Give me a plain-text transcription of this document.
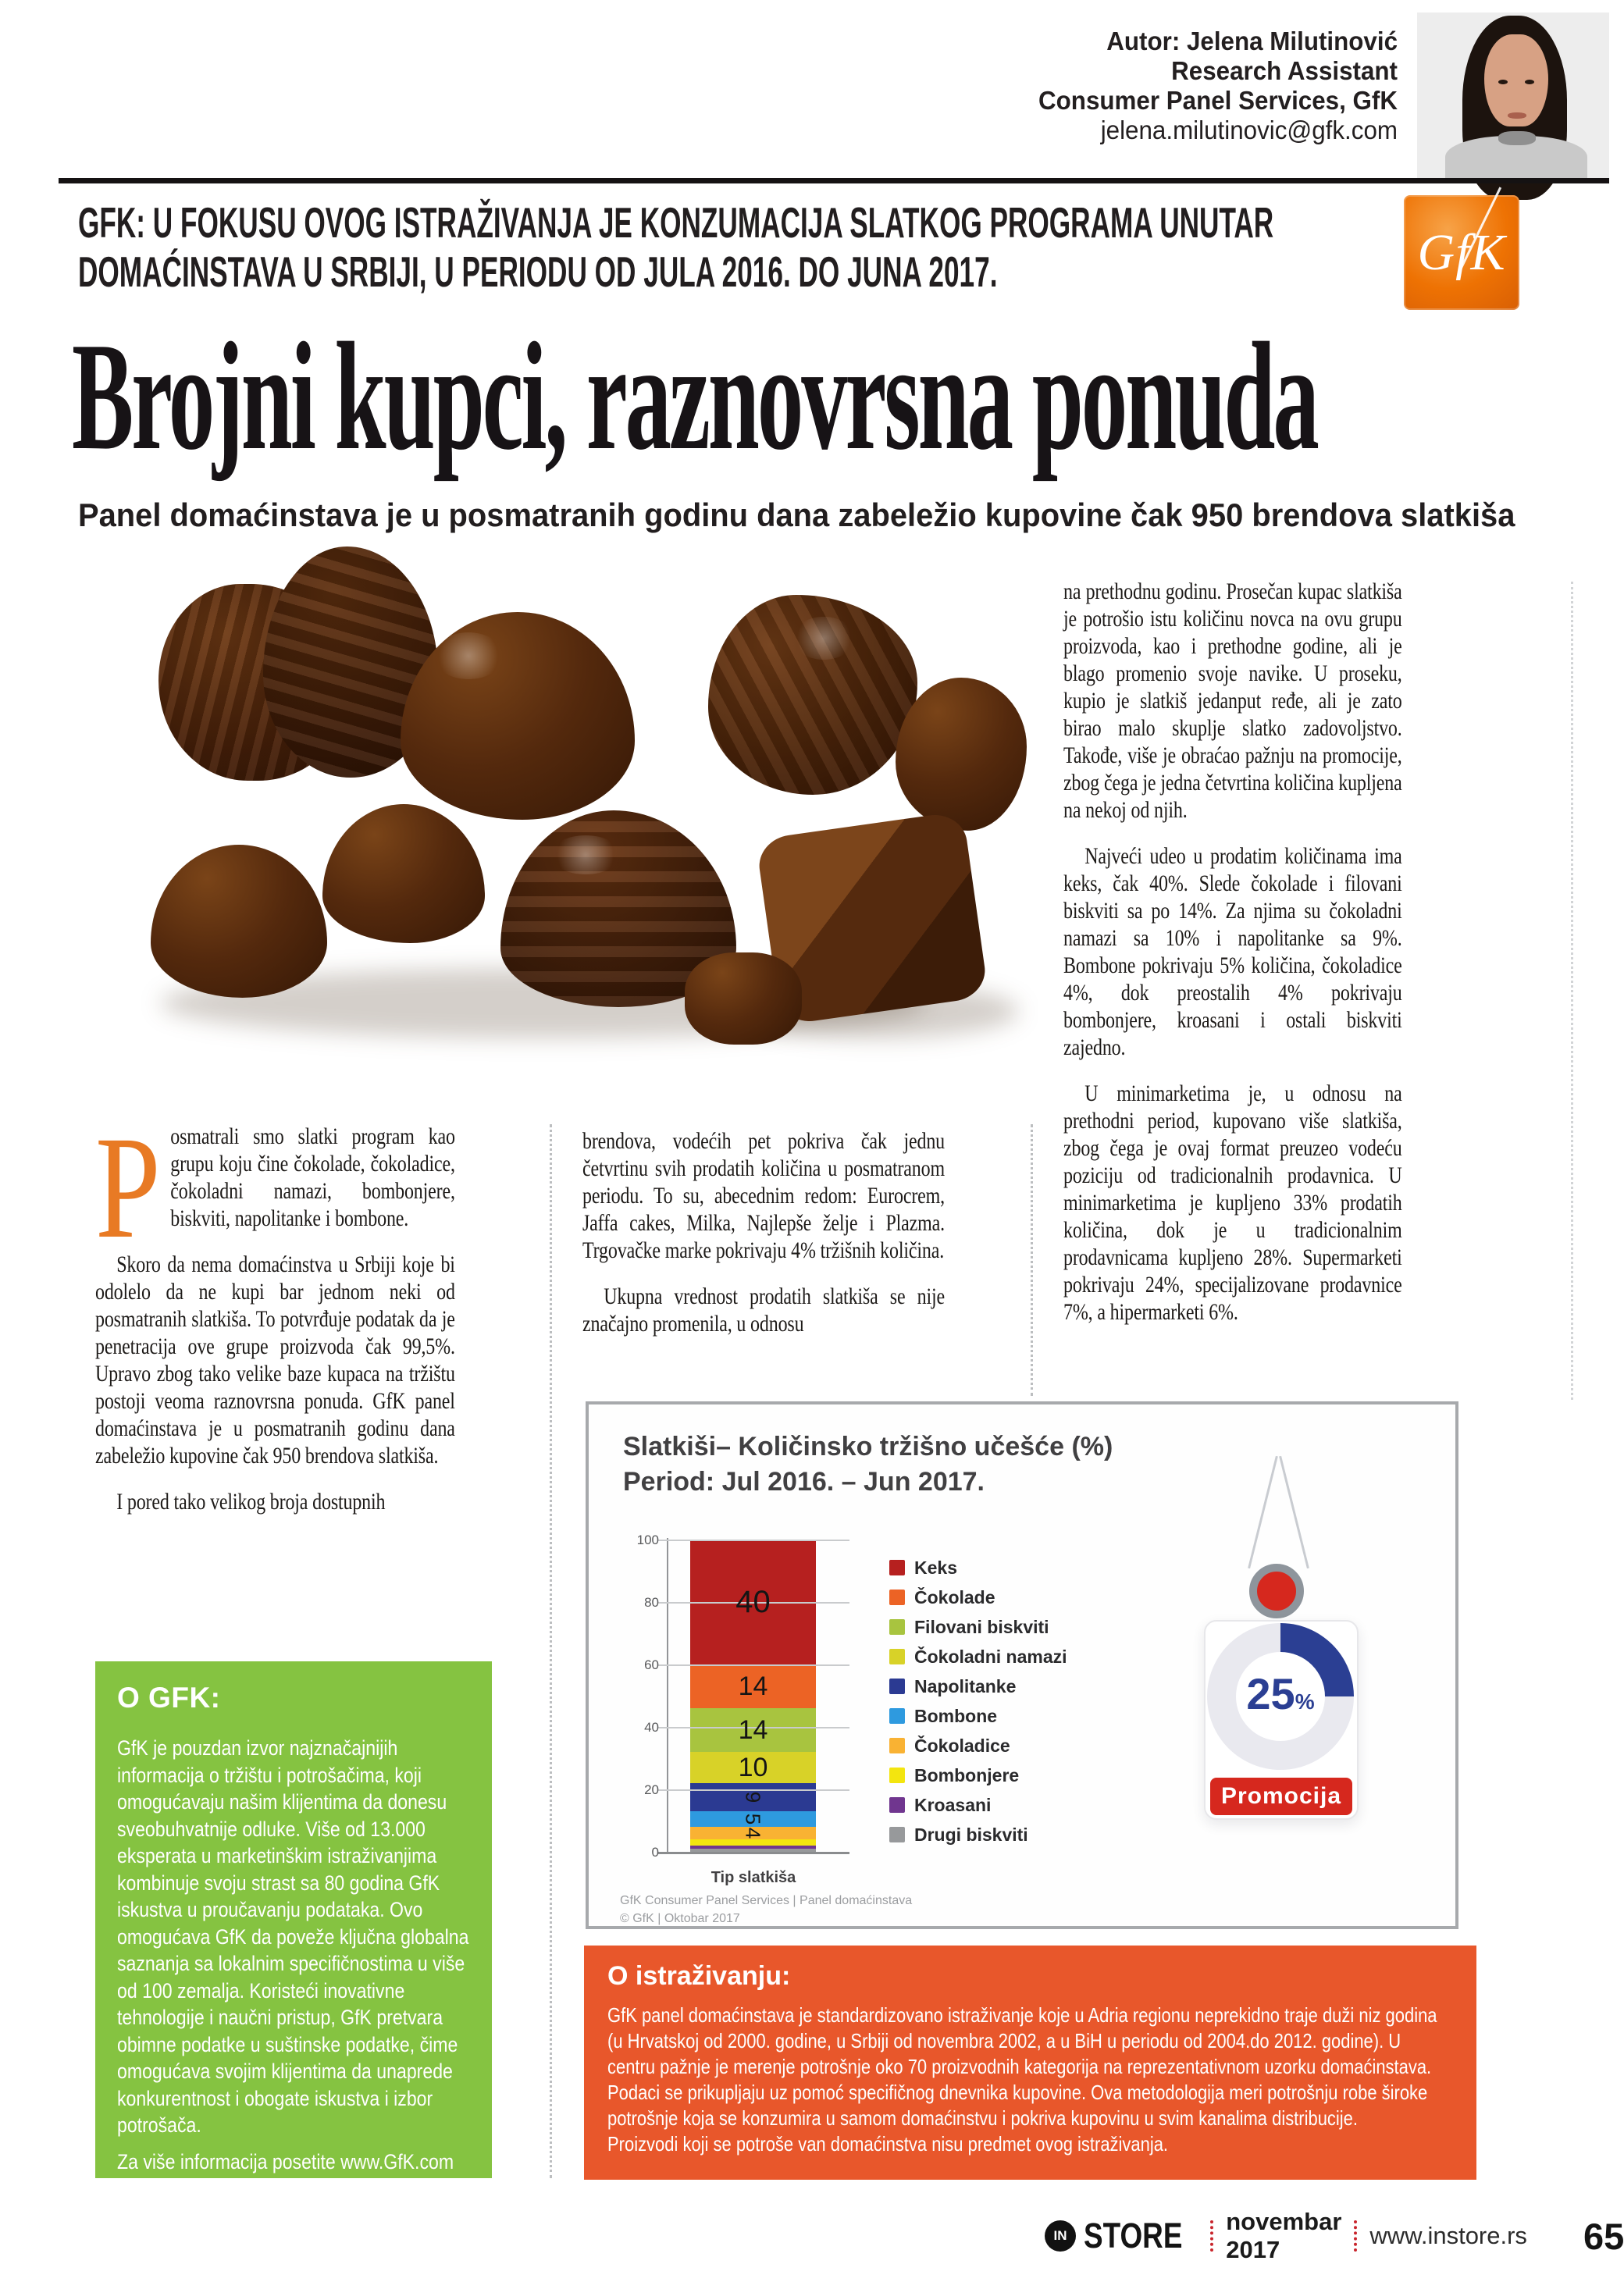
Autor: Jelena Milutinović
Research Assistant
Consumer Panel Services, GfK
jelena.milutinovic@gfk.com
GFK: U FOKUSU OVOG ISTRAŽIVANJA JE KONZUMACIJA SLATKOG PROGRAMA UNUTAR
DOMAĆINSTAVA U SRBIJI, U PERIODU OD JULA 2016. DO JUNA 2017.	GfK
Brojni kupci, raznovrsna ponuda
Panel domaćinstava je u posmatranih godinu dana zabeležio kupovine čak 950 brendova slatkiša

Posmatrali smo slatki program kao grupu koju čine čokolade, čokoladice, čokoladni namazi, bombonjere, biskviti, napolitanke i bombone.

Skoro da nema domaćinstva u Srbiji koje bi odolelo da ne kupi bar jednom neki od posmatranih slatkiša. To potvrđuje podatak da je penetracija ove grupe proizvoda čak 99,5%. Upravo zbog tako velike baze kupaca na tržištu postoji veoma raznovrsna ponuda. GfK panel domaćinstava je u posmatranih godinu dana zabeležio kupovine čak 950 brendova slatkiša.

I pored tako velikog broja dostupnih

brendova, vodećih pet pokriva čak jednu četvrtinu svih prodatih količina u posmatranom periodu. To su, abecednim redom: Eurocrem, Jaffa cakes, Milka, Najlepše želje i Plazma. Trgovačke marke pokrivaju 4% tržišnih količina.

Ukupna vrednost prodatih slatkiša se nije značajno promenila, u odnosu

na prethodnu godinu. Prosečan kupac slatkiša je potrošio istu količinu novca na ovu grupu proizvoda, kao i prethodne godine, ali je blago promenio svoje navike. U proseku, kupio je slatkiš jedanput ređe, ali je zato birao malo skuplje slatko zadovoljstvo. Takođe, više je obraćao pažnju na promocije, zbog čega je jedna četvrtina količina kupljena na nekoj od njih.

Najveći udeo u prodatim količinama ima keks, čak 40%. Slede čokolade i filovani biskviti sa po 14%. Za njima su čokoladni namazi sa 10% i napolitanke sa 9%. Bombone pokrivaju 5% količina, čokoladice 4%, dok preostalih 4% pokrivaju bombonjere, kroasani i ostali biskviti zajedno.

U minimarketima je, u odnosu na prethodni period, kupovano više slatkiša, zbog čega je ovaj format preuzeo vodeću poziciju od tradicionalnih prodavnica. U minimarketima je kupljeno 33% prodatih količina, dok je u tradicionalnim prodavnicama kupljeno 28%. Supermarketi pokrivaju 24%, specijalizovane prodavnice 7%, a hipermarketi 6%.

O GFK:

GfK je pouzdan izvor najznačajnijih informacija o tržištu i potrošačima, koji omogućavaju našim klijentima da donesu sveobuhvatnije odluke. Više od 13.000 eksperata u marketinškim istraživanjima kombinuje svoju strast sa 80 godina GfK iskustva u proučavanju podataka. Ovo omogućava GfK da poveže ključna globalna saznanja sa lokalnim specifičnostima u više od 100 zemalja. Koristeći inovativne tehnologije i naučni pristup, GfK pretvara obimne podatke u suštinske podatke, čime omogućava svojim klijentima da unaprede konkurentnost i obogate iskustva i izbor potrošača.

Za više informacija posetite www.GfK.com ili pratite GfK na Twitter-u: https://twitter.com/GfK_en

Slatkiši– Količinsko tržišno učešće (%)
Period: Jul 2016. – Jun 2017.
40
14
14
10
9
5
4
Tip slatkiša
GfK Consumer Panel Services | Panel domaćinstava
© GfK | Oktobar 2017
Keks
Čokolade
Filovani biskviti
Čokoladni namazi
Napolitanke
Bombone
Čokoladice
Bombonjere
Kroasani
Drugi biskviti
25 %
Promocija
0
20
40
60
80
100
O istraživanju:

GfK panel domaćinstava je standardizovano istraživanje koje u Adria regionu neprekidno traje duži niz godina (u Hrvatskoj od 2000. godine, u Srbiji od novembra 2002, a u BiH u periodu od 2004.do 2012. godine). U centru pažnje je merenje potrošnje oko 70 proizvodnih kategorija na reprezentativnom uzorku domaćinstava. Podaci se prikupljaju uz pomoć specifičnog dnevnika kupovine. Ova metodologija meri potrošnju robe široke potrošnje koja se konzumira u samom domaćinstvu i pokriva kupovinu u svim kanalima distribucije.

Proizvodi koji se potroše van domaćinstva nisu predmet ovog istraživanja.

IN STORE novembar 2017
www.instore.rs 65
